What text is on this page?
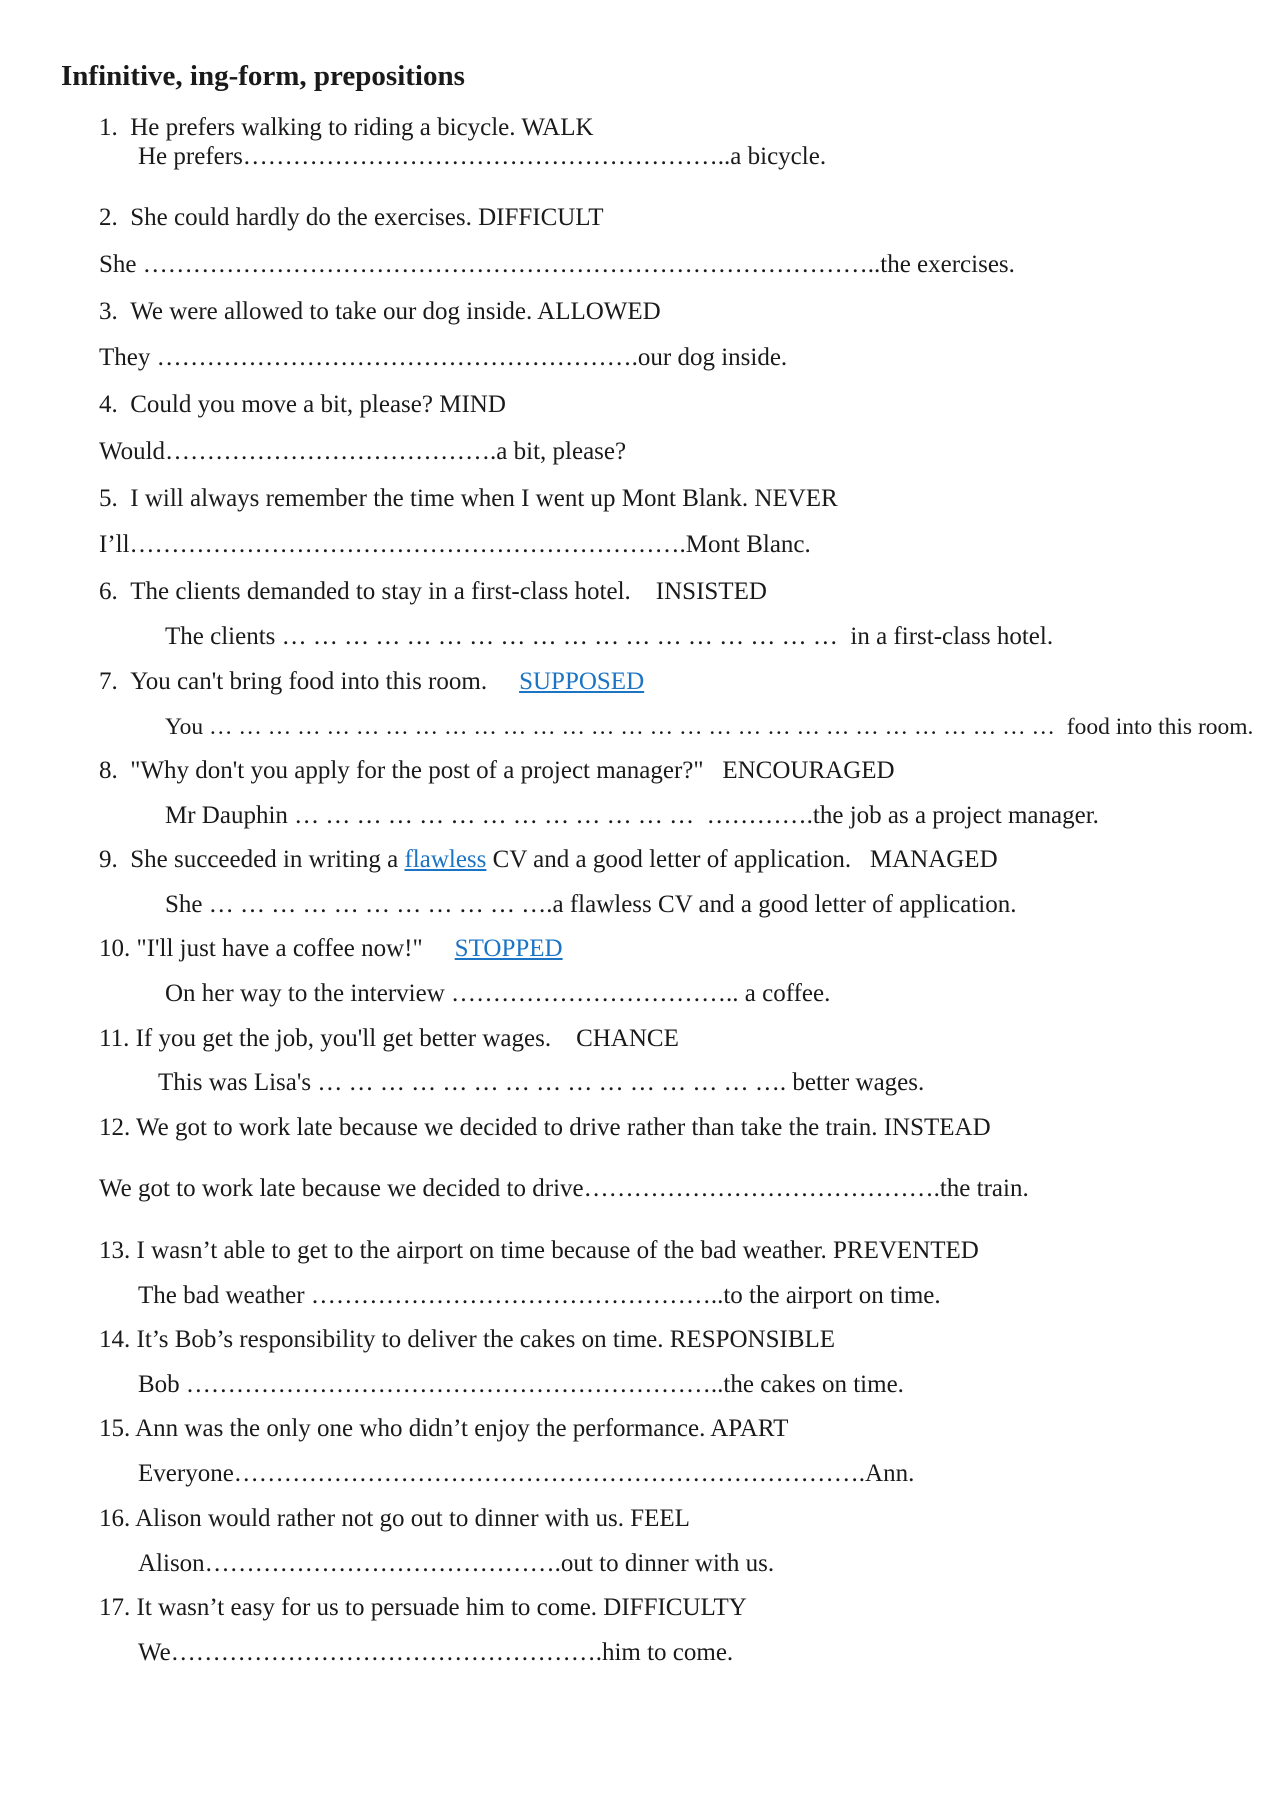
Infinitive, ing-form, prepositions
1.  He prefers walking to riding a bicycle. WALK
He prefers…………………………………………………..a bicycle.
2.  She could hardly do the exercises. DIFFICULT
She ……………………………………………………………………………..the exercises.
3.  We were allowed to take our dog inside. ALLOWED
They ………………………………………………….our dog inside.
4.  Could you move a bit, please? MIND
Would………………………………….a bit, please?
5.  I will always remember the time when I went up Mont Blank. NEVER
I’ll………………………………………………………….Mont Blanc.
6.  The clients demanded to stay in a first-class hotel.    INSISTED
The clients … … … … … … … … … … … … … … … … … …  in a first-class hotel.
7.  You can't bring food into this room. SUPPOSED
You … … … … … … … … … … … … … … … … … … … … … … … … … … … … …  food into this room.
8.  "Why don't you apply for the post of a project manager?"   ENCOURAGED
Mr Dauphin … … … … … … … … … … … … …  ………….the job as a project manager.
9.  She succeeded in writing a flawless CV and a good letter of application.   MANAGED
She … … … … … … … … … … ….a flawless CV and a good letter of application.
10. "I'll just have a coffee now!" STOPPED
On her way to the interview …………………………….. a coffee.
11. If you get the job, you'll get better wages.    CHANCE
This was Lisa's … … … … … … … … … … … … … … …. better wages.
12. We got to work late because we decided to drive rather than take the train. INSTEAD
We got to work late because we decided to drive…………………………………….the train.
13. I wasn’t able to get to the airport on time because of the bad weather. PREVENTED
The bad weather …………………………………………..to the airport on time.
14. It’s Bob’s responsibility to deliver the cakes on time. RESPONSIBLE
Bob ………………………………………………………..the cakes on time.
15. Ann was the only one who didn’t enjoy the performance. APART
Everyone………………………………………………………………….Ann.
16. Alison would rather not go out to dinner with us. FEEL
Alison…………………………………….out to dinner with us.
17. It wasn’t easy for us to persuade him to come. DIFFICULTY
We…………………………………………….him to come.
